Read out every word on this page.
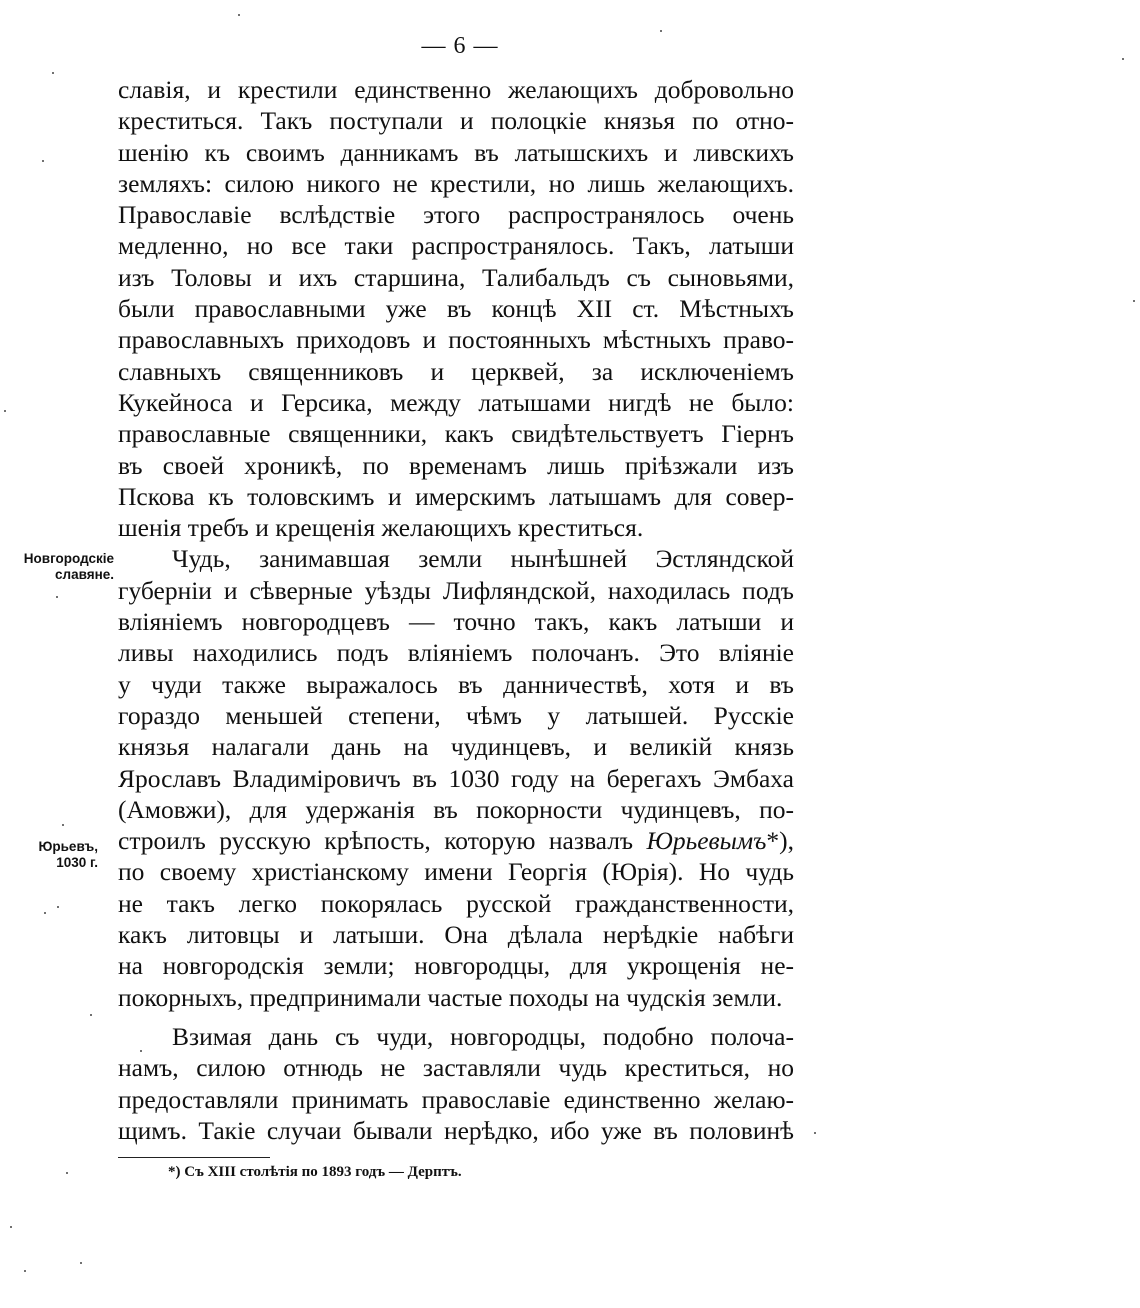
— 6 —
Новгородскіе славяне.
Юрьевъ, 1030 г.
славія, и крестили единственно желающихъ добровольно
креститься. Такъ поступали и полоцкіе князья по отно-
шенію къ своимъ данникамъ въ латышскихъ и ливскихъ
земляхъ: силою никого не крестили, но лишь желающихъ.
Православіе вслѣдствіе этого распространялось очень
медленно, но все таки распространялось. Такъ, латыши
изъ Толовы и ихъ старшина, Талибальдъ съ сыновьями,
были православными уже въ концѣ XII ст. Мѣстныхъ
православныхъ приходовъ и постоянныхъ мѣстныхъ право-
славныхъ священниковъ и церквей, за исключеніемъ
Кукейноса и Герсика, между латышами нигдѣ не было:
православные священники, какъ свидѣтельствуетъ Гіернъ
въ своей хроникѣ, по временамъ лишь пріѣзжали изъ
Пскова къ толовскимъ и имерскимъ латышамъ для совер-
шенія требъ и крещенія желающихъ креститься.
Чудь, занимавшая земли нынѣшней Эстляндской
губерніи и сѣверные уѣзды Лифляндской, находилась подъ
вліяніемъ новгородцевъ — точно такъ, какъ латыши и
ливы находились подъ вліяніемъ полочанъ. Это вліяніе
у чуди также выражалось въ данничествѣ, хотя и въ
гораздо меньшей степени, чѣмъ у латышей. Русскіе
князья налагали дань на чудинцевъ, и великій князь
Ярославъ Владиміровичъ въ 1030 году на берегахъ Эмбаха
(Амовжи), для удержанія въ покорности чудинцевъ, по-
строилъ русскую крѣпость, которую назвалъ Юрьевымъ*),
по своему христіанскому имени Георгія (Юрія). Но чудь
не такъ легко покорялась русской гражданственности,
какъ литовцы и латыши. Она дѣлала нерѣдкіе набѣги
на новгородскія земли; новгородцы, для укрощенія не-
покорныхъ, предпринимали частые походы на чудскія земли.
Взимая дань съ чуди, новгородцы, подобно полоча-
намъ, силою отнюдь не заставляли чудь креститься, но
предоставляли принимать православіе единственно желаю-
щимъ. Такіе случаи бывали нерѣдко, ибо уже въ половинѣ
*) Съ XIII столѣтія по 1893 годъ — Дерптъ.
